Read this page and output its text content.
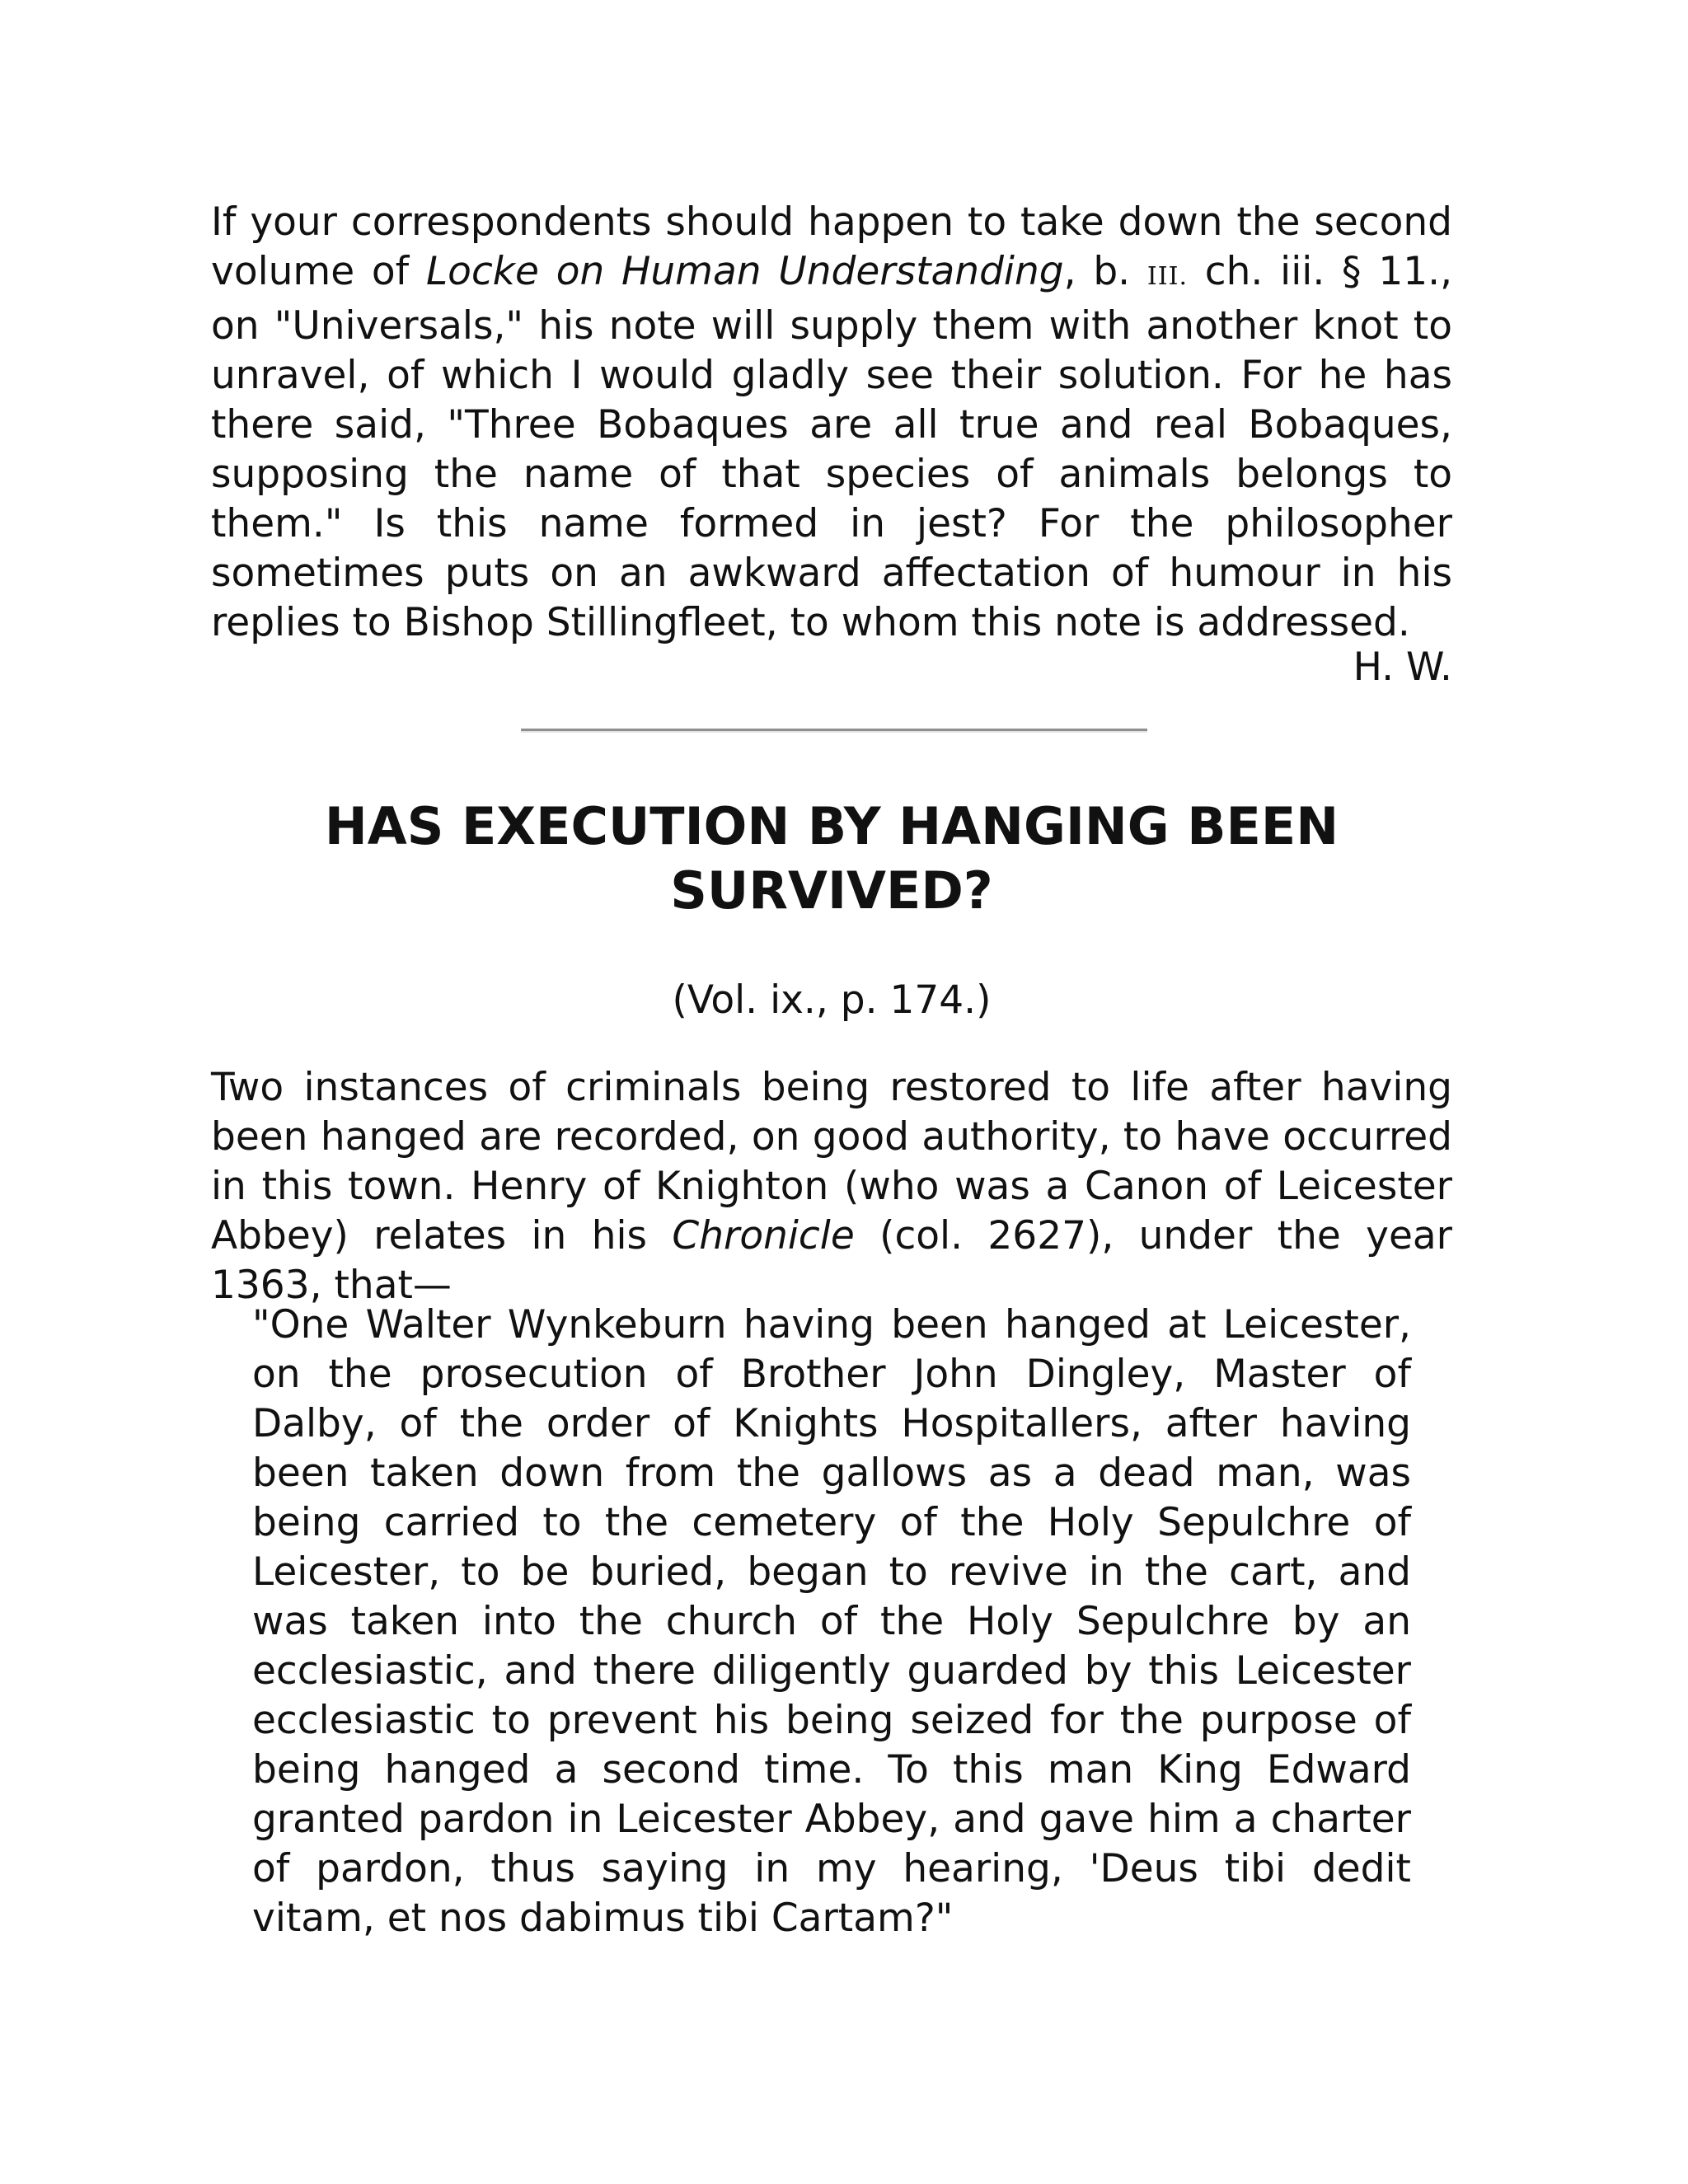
If your correspondents should happen to take down the second volume of Locke on Human Understanding, b. III. ch. iii. § 11., on "Universals," his note will supply them with another knot to unravel, of which I would gladly see their solution. For he has there said, "Three Bobaques are all true and real Bobaques, supposing the name of that species of animals belongs to them." Is this name formed in jest? For the philosopher sometimes puts on an awkward affectation of humour in his replies to Bishop Stillingfleet, to whom this note is addressed.

H. W.
HAS EXECUTION BY HANGING BEEN
SURVIVED?
(Vol. ix., p. 174.)

Two instances of criminals being restored to life after having been hanged are recorded, on good authority, to have occurred in this town. Henry of Knighton (who was a Canon of Leicester Abbey) relates in his Chronicle (col. 2627), under the year 1363, that—

"One Walter Wynkeburn having been hanged at Leicester, on the prosecution of Brother John Dingley, Master of Dalby, of the order of Knights Hospitallers, after having been taken down from the gallows as a dead man, was being carried to the cemetery of the Holy Sepulchre of Leicester, to be buried, began to revive in the cart, and was taken into the church of the Holy Sepulchre by an ecclesiastic, and there diligently guarded by this Leicester ecclesiastic to prevent his being seized for the purpose of being hanged a second time. To this man King Edward granted pardon in Leicester Abbey, and gave him a charter of pardon, thus saying in my hearing, 'Deus tibi dedit vitam, et nos dabimus tibi Cartam?"
